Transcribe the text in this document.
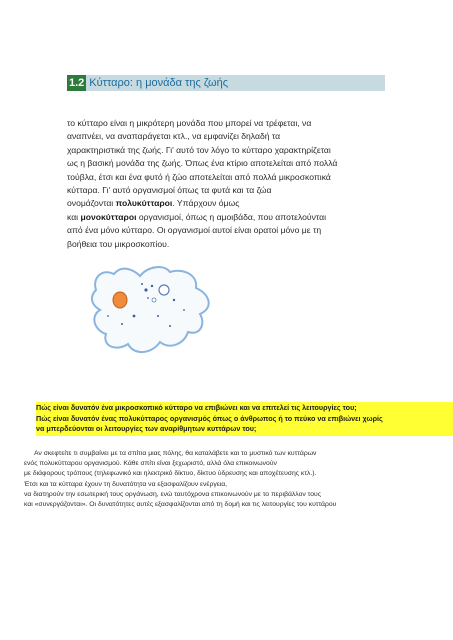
1.2 Κύτταρο: η μονάδα της ζωής
το κύτταρο είναι η μικρότερη μονάδα που μπορεί να τρέφεται, να
αναπνέει, να αναπαράγεται κτλ., να εμφανίζει δηλαδή τα
χαρακτηριστικά της ζωής. Γι' αυτό τον λόγο το κύτταρο χαρακτηρίζεται
ως η βασική μονάδα της ζωής. Όπως ένα κτίριο αποτελείται από πολλά
τούβλα, έτσι και ένα φυτό ή ζώο αποτελείται από πολλά μικροσκοπικά
κύτταρα. Γι' αυτό οργανισμοί όπως τα φυτά και τα ζώα
ονομάζονται πολυκύτταροι. Υπάρχουν όμως
και μονοκύτταροι οργανισμοί, όπως η αμοιβάδα, που αποτελούνται
από ένα μόνο κύτταρο. Οι οργανισμοί αυτοί είναι ορατοί μόνο με τη
βοήθεια του μικροσκοπίου.
Πώς είναι δυνατόν ένα μικροσκοπικό κύτταρο να επιβιώνει και να επιτελεί τις λειτουργίες του;
Πώς είναι δυνατόν ένας πολυκύτταρος οργανισμός όπως ο άνθρωπος ή το πεύκο να επιβιώνει χωρίς
να μπερδεύονται οι λειτουργίες των αναρίθμητων κυττάρων του;
Αν σκεφτείτε τι συμβαίνει με τα σπίτια μιας πόλης, θα καταλάβετε και το μυστικό των κυττάρων
ενός πολυκύτταρου οργανισμού. Κάθε σπίτι είναι ξεχωριστό, αλλά όλα επικοινωνούν
με διάφορους τρόπους (τηλεφωνικό και ηλεκτρικό δίκτυο, δίκτυο ύδρευσης και αποχέτευσης κτλ.).
Έτσι και τα κύτταρα έχουν τη δυνατότητα να εξασφαλίζουν ενέργεια,
να διατηρούν την εσωτερική τους οργάνωση, ενώ ταυτόχρονα επικοινωνούν με το περιβάλλον τους
και «συνεργάζονται». Οι δυνατότητες αυτές εξασφαλίζονται από τη δομή και τις λειτουργίες του κυττάρου
